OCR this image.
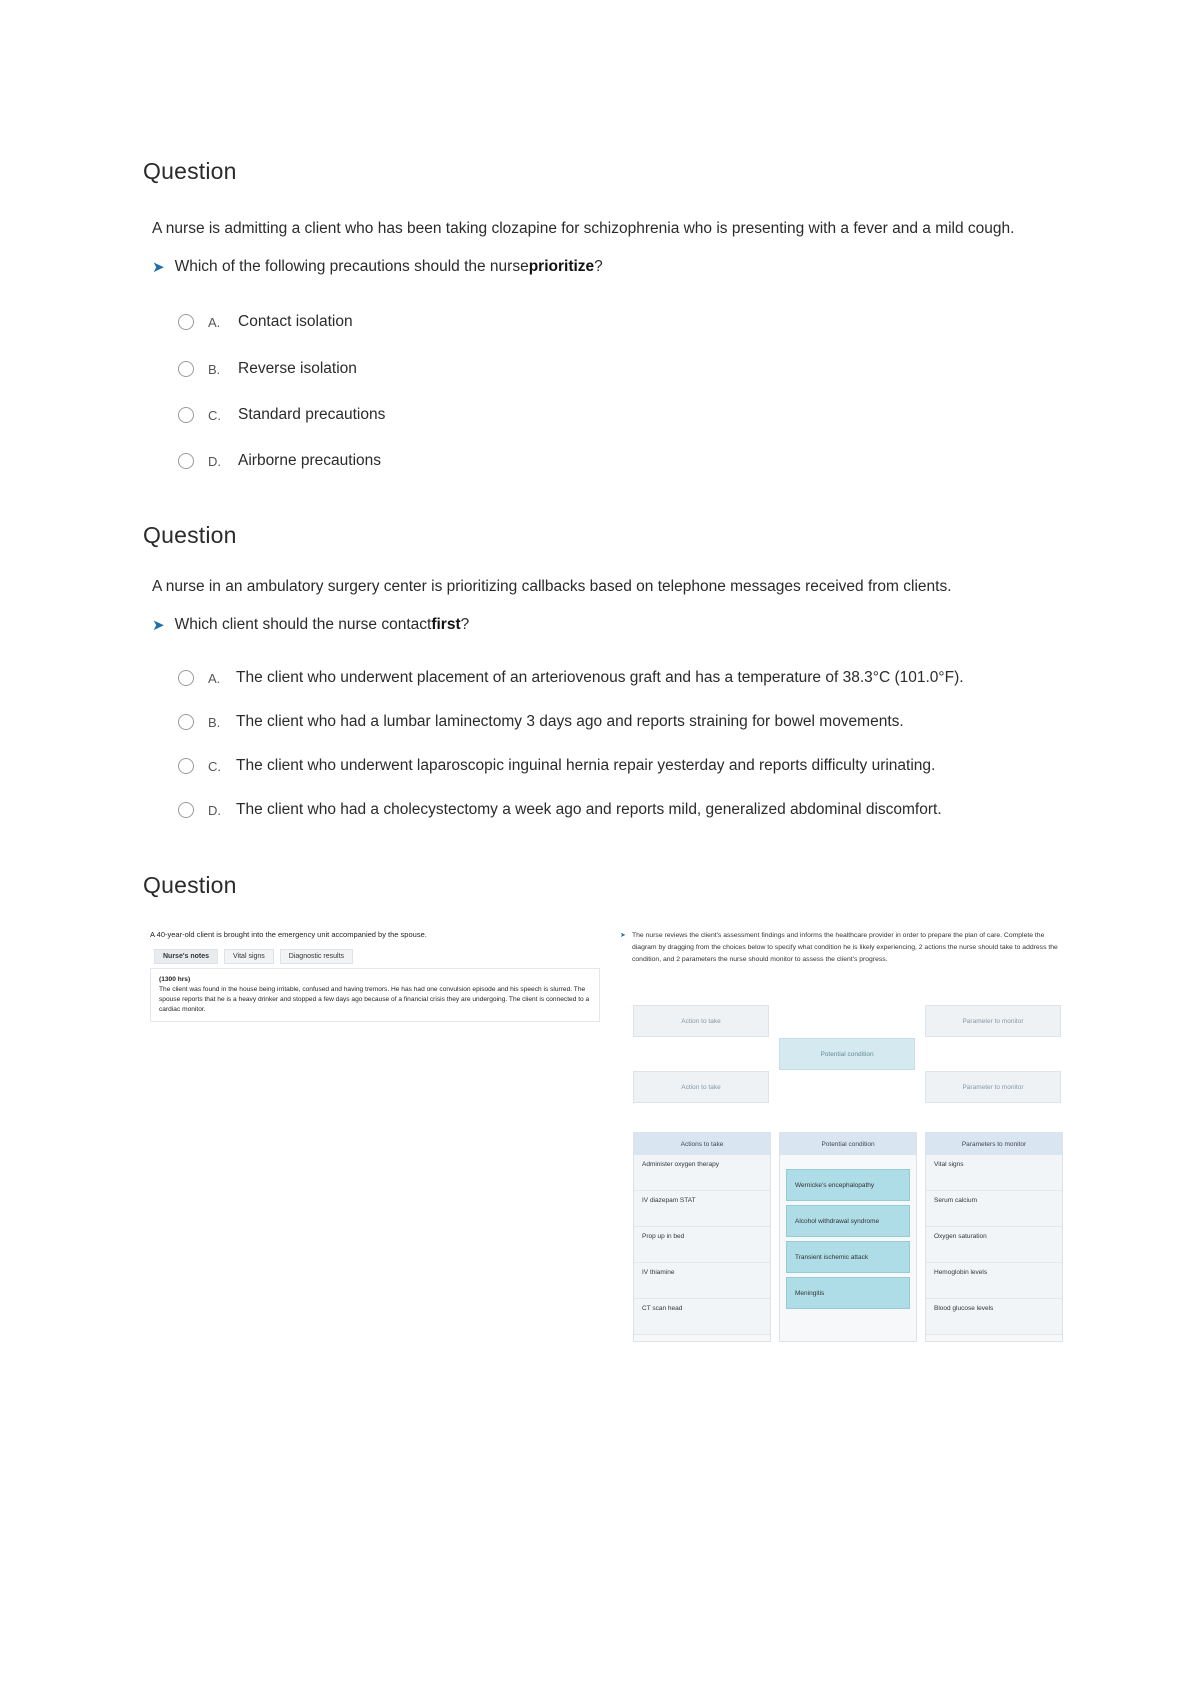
Question
A nurse is admitting a client who has been taking clozapine for schizophrenia who is presenting with a fever and a mild cough.
➤ Which of the following precautions should the nurse prioritize ?
A.	Contact isolation
B.	Reverse isolation
C.	Standard precautions
D.	Airborne precautions
Question
A nurse in an ambulatory surgery center is prioritizing callbacks based on telephone messages received from clients.
➤ Which client should the nurse contact first ?
A.	The client who underwent placement of an arteriovenous graft and has a temperature of 38.3°C (101.0°F).
B.	The client who had a lumbar laminectomy 3 days ago and reports straining for bowel movements.
C. The client who underwent laparoscopic inguinal hernia repair yesterday and reports difficulty urinating.
D. The client who had a cholecystectomy a week ago and reports mild, generalized abdominal discomfort.
Question
A 40-year-old client is brought into the emergency unit accompanied by the spouse.
Nurse's notes	Vital signs	Diagnostic results
(1300 hrs)
The client was found in the house being irritable, confused and having tremors. He has had one convulsion episode and his speech is slurred. The spouse reports that he is a heavy drinker and stopped a few days ago because of a financial crisis they are undergoing. The client is connected to a cardiac monitor.
➤ The nurse reviews the client's assessment findings and informs the healthcare provider in order to prepare the plan of care. Complete the diagram by dragging from the choices below to specify what condition he is likely experiencing, 2 actions the nurse should take to address the condition, and 2 parameters the nurse should monitor to assess the client's progress.
Action to take	Parameter to monitor
Potential condition
Action to take	Parameter to monitor
Actions to take
Administer oxygen therapy
IV diazepam STAT
Prop up in bed
IV thiamine
CT scan head
Potential condition
Wernicke's encephalopathy
Alcohol withdrawal syndrome
Transient ischemic attack
Meningitis
Parameters to monitor
Vital signs
Serum calcium
Oxygen saturation
Hemoglobin levels
Blood glucose levels
